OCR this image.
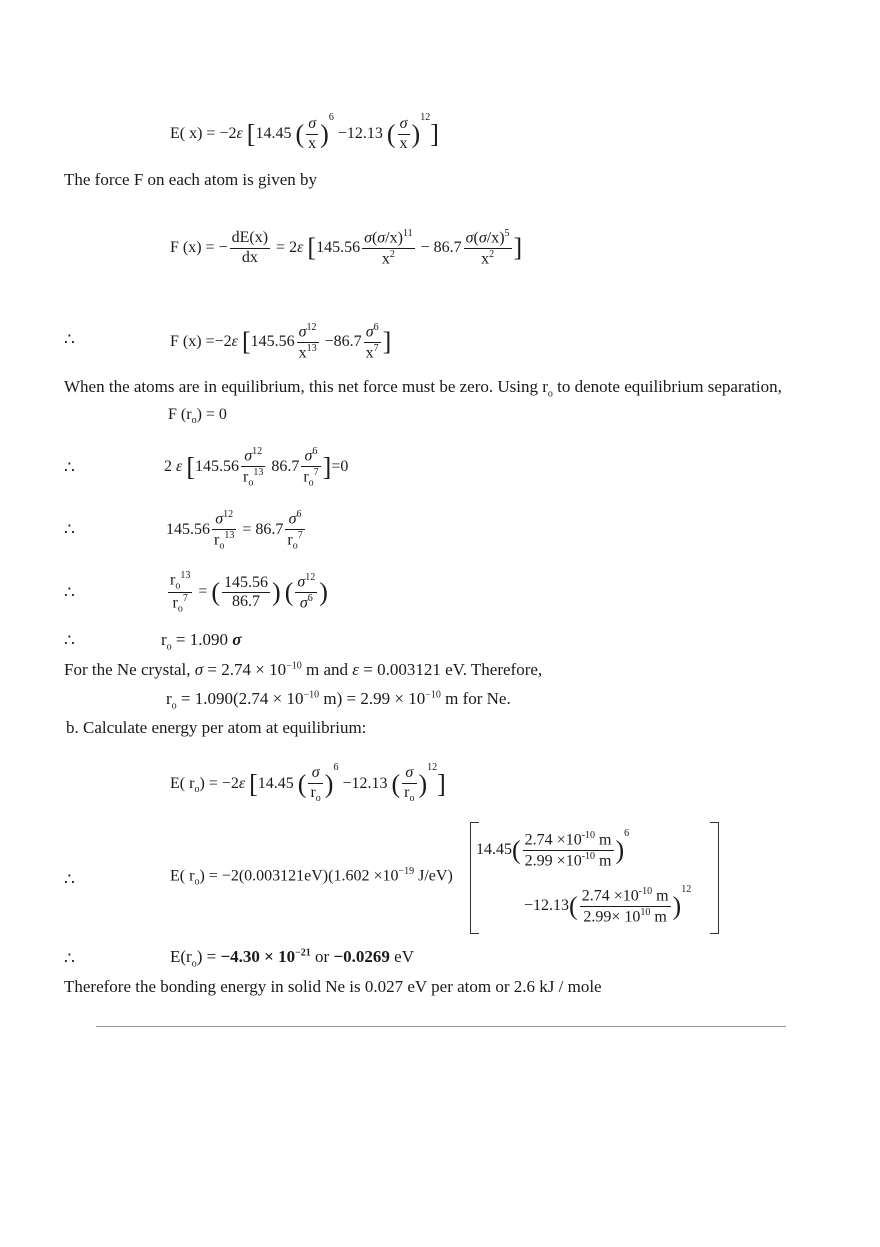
E( x) = −2ε [14.45 ( $\frac{\sigma}{x} )^6 -12.13$ ( $\frac{\sigma}{x} )^{12}$]
The force F on each atom is given by
F (x) = − $\frac{dE(x)}{dx} = 2\varepsilon$ [$145.56 \frac{\sigma(\sigma/x)^{11}}{x^2} - 86.7 \frac{\sigma(\sigma/x)^5}{x^2}$ ]
∴	F (x) =−2ε [$145.56 \frac{\sigma^{12}}{x^{13}} -86.7 \frac{\sigma^6}{x^7}$ ]
When the atoms are in equilibrium, this net force must be zero. Using $r_o$ to denote equilibrium separation,
F $(r_o) = 0$
∴	2 ε $[145.56 \frac{\sigma^{12}}{r_o^{13}} 86.7 \frac{\sigma^6}{r_o^7} ]=0$
∴	$145.56 \frac{\sigma^{12}}{r_o^{13}} = 86.7 \frac{\sigma^6}{r_o^7}$
∴	$\frac{r_o^{13}}{r_o^7}$ = ( $\frac{145.56}{86.7}$ ) ( $\frac{\sigma^{12}}{\sigma^6}$ )
∴	$r_o = 1.090$ σ
For the Ne crystal, $\sigma = 2.74 \times 10^{-10}$ m and ε = 0.003121 eV. Therefore,
$r_o = 1.090(2.74 \times 10^{-10}$ $m) = 2.99 \times 10^{-10}$ m for Ne.
b. Calculate energy per atom at equilibrium:
E( $r_o) = -2\varepsilon$ [14.45 ( $\frac{\sigma}{r_o} )^6 -12.13$ ( $\frac{\sigma}{r_o} )^{12}$]
∴	E( $r_o) = -2(0.003121eV)(1.602 \times 10^{-19}$ J/eV)
$14.45( \frac{2.74 \times 10^{-10} m}{2.99 \times 10^{-10} m} )^6$
$-12.13( \frac{2.74 \times 10^{-10} m}{2.99\times 10^{10} m} )^{12}$
∴	$E(r_o) = -4.30 \times 10^{-21}$ or −0.0269 eV
Therefore the bonding energy in solid Ne is 0.027 eV per atom or 2.6 kJ / mole
